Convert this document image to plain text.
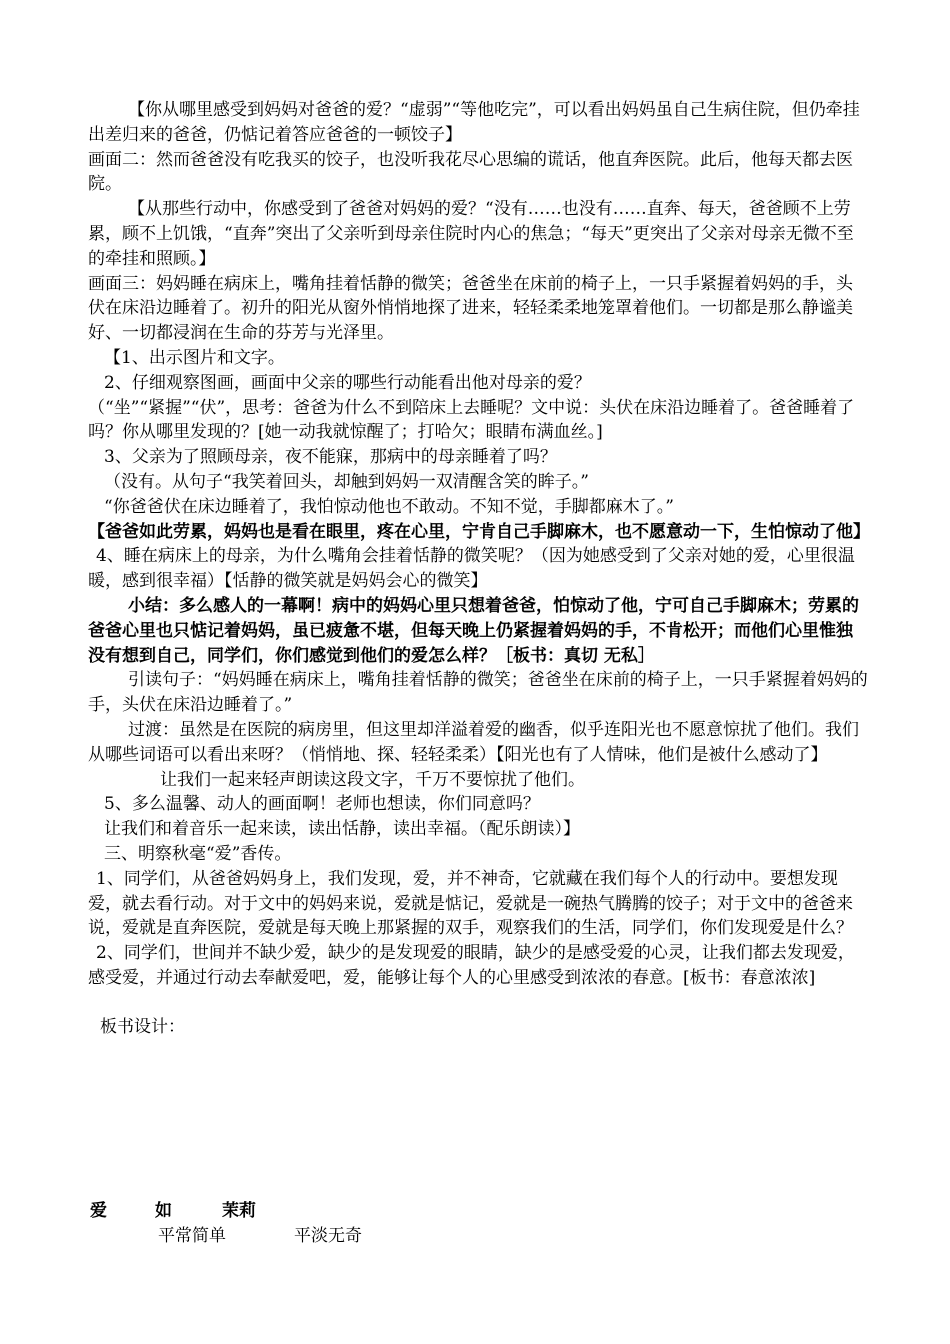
【你从哪里感受到妈妈对爸爸的爱？“虚弱”“等他吃完”，可以看出妈妈虽自己生病住院，但仍牵挂出差归来的爸爸，仍惦记着答应爸爸的一顿饺子】

画面二：然而爸爸没有吃我买的饺子，也没听我花尽心思编的谎话，他直奔医院。此后，他每天都去医院。

【从那些行动中，你感受到了爸爸对妈妈的爱？“没有……也没有……直奔、每天，爸爸顾不上劳累，顾不上饥饿，“直奔”突出了父亲听到母亲住院时内心的焦急；“每天”更突出了父亲对母亲无微不至的牵挂和照顾。】

画面三：妈妈睡在病床上，嘴角挂着恬静的微笑；爸爸坐在床前的椅子上，一只手紧握着妈妈的手，头伏在床沿边睡着了。初升的阳光从窗外悄悄地探了进来，轻轻柔柔地笼罩着他们。一切都是那么静谧美好、一切都浸润在生命的芬芳与光泽里。

【1、出示图片和文字。

2、仔细观察图画，画面中父亲的哪些行动能看出他对母亲的爱？

（“坐”“紧握”“伏”，思考：爸爸为什么不到陪床上去睡呢？文中说：头伏在床沿边睡着了。爸爸睡着了吗？你从哪里发现的？[她一动我就惊醒了；打哈欠；眼睛布满血丝。]

3、父亲为了照顾母亲，夜不能寐，那病中的母亲睡着了吗？

（没有。从句子“我笑着回头，却触到妈妈一双清醒含笑的眸子。”

“你爸爸伏在床边睡着了，我怕惊动他也不敢动。不知不觉，手脚都麻木了。”

【爸爸如此劳累，妈妈也是看在眼里，疼在心里，宁肯自己手脚麻木，也不愿意动一下，生怕惊动了他】

4、睡在病床上的母亲，为什么嘴角会挂着恬静的微笑呢？（因为她感受到了父亲对她的爱，心里很温暖，感到很幸福）【恬静的微笑就是妈妈会心的微笑】

小结：多么感人的一幕啊！病中的妈妈心里只想着爸爸，怕惊动了他，宁可自己手脚麻木；劳累的爸爸心里也只惦记着妈妈，虽已疲惫不堪，但每天晚上仍紧握着妈妈的手，不肯松开；而他们心里惟独没有想到自己，同学们，你们感觉到他们的爱怎么样？［板书：真切 无私］

引读句子：“妈妈睡在病床上，嘴角挂着恬静的微笑；爸爸坐在床前的椅子上，一只手紧握着妈妈的手，头伏在床沿边睡着了。”

过渡：虽然是在医院的病房里，但这里却洋溢着爱的幽香，似乎连阳光也不愿意惊扰了他们。我们从哪些词语可以看出来呀？（悄悄地、探、轻轻柔柔）【阳光也有了人情味，他们是被什么感动了】

让我们一起来轻声朗读这段文字，千万不要惊扰了他们。

5、多么温馨、动人的画面啊！老师也想读，你们同意吗？

让我们和着音乐一起来读，读出恬静，读出幸福。（配乐朗读）】

三、明察秋毫“爱”香传。

1、同学们，从爸爸妈妈身上，我们发现，爱，并不神奇，它就藏在我们每个人的行动中。要想发现爱，就去看行动。对于文中的妈妈来说，爱就是惦记，爱就是一碗热气腾腾的饺子；对于文中的爸爸来说，爱就是直奔医院，爱就是每天晚上那紧握的双手，观察我们的生活，同学们，你们发现爱是什么？

2、同学们，世间并不缺少爱，缺少的是发现爱的眼睛，缺少的是感受爱的心灵，让我们都去发现爱，感受爱，并通过行动去奉献爱吧，爱，能够让每个人的心里感受到浓浓的春意。[板书：春意浓浓]

板书设计：

爱	如	茉莉
平常简单	平淡无奇
